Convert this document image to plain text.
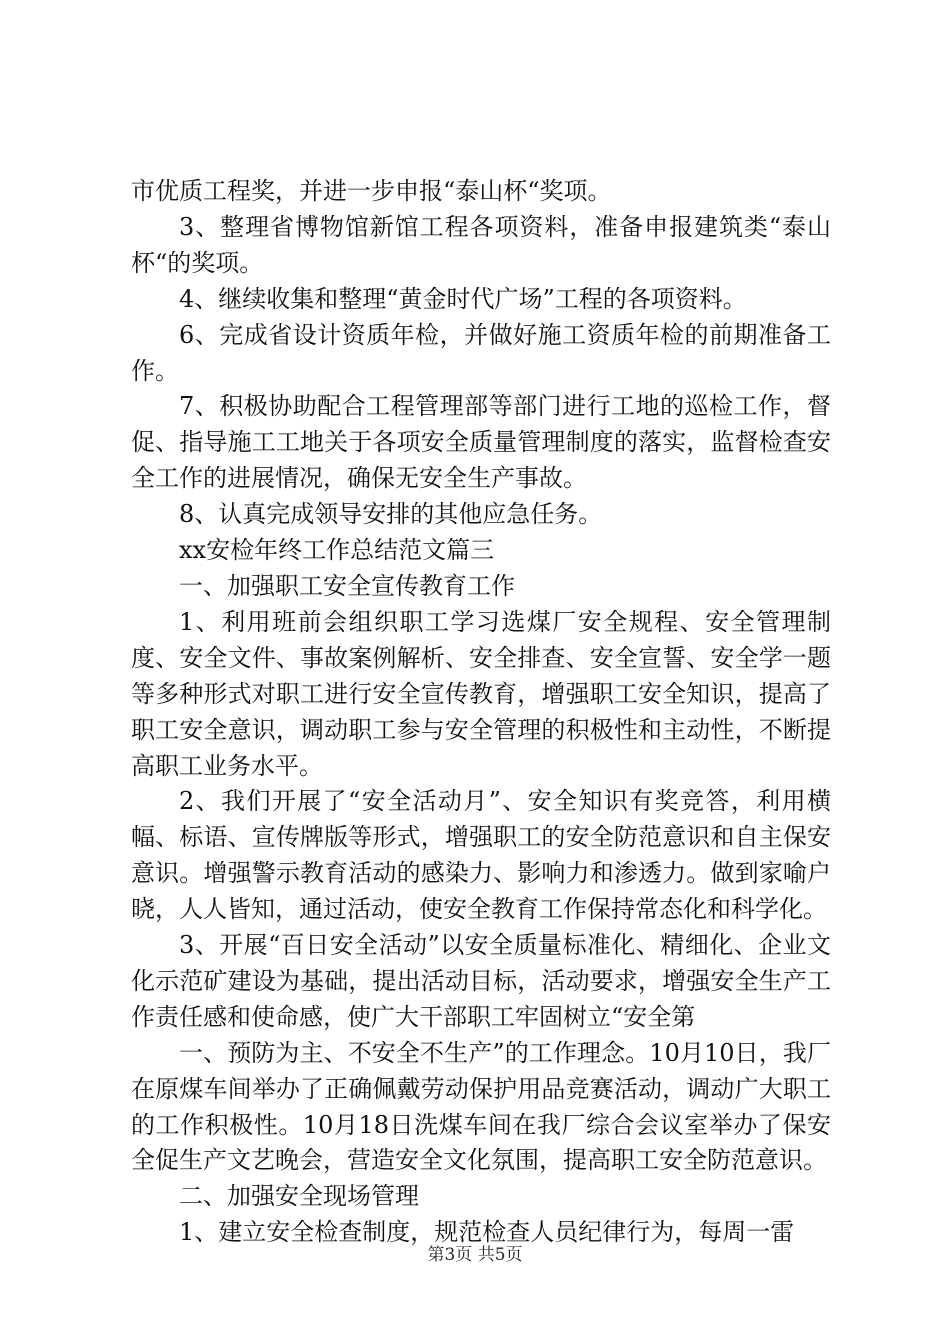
市优质工程奖，并进一步申报“泰山杯“奖项。

3、整理省博物馆新馆工程各项资料，准备申报建筑类“泰山杯“的奖项。

4、继续收集和整理“黄金时代广场”工程的各项资料。

6、完成省设计资质年检，并做好施工资质年检的前期准备工作。

7、积极协助配合工程管理部等部门进行工地的巡检工作，督促、指导施工工地关于各项安全质量管理制度的落实，监督检查安全工作的进展情况，确保无安全生产事故。

8、认真完成领导安排的其他应急任务。

xx安检年终工作总结范文篇三

一、加强职工安全宣传教育工作

1、利用班前会组织职工学习选煤厂安全规程、安全管理制度、安全文件、事故案例解析、安全排查、安全宣誓、安全学一题等多种形式对职工进行安全宣传教育，增强职工安全知识，提高了职工安全意识，调动职工参与安全管理的积极性和主动性，不断提高职工业务水平。

2、我们开展了“安全活动月”、安全知识有奖竞答，利用横幅、标语、宣传牌版等形式，增强职工的安全防范意识和自主保安意识。增强警示教育活动的感染力、影响力和渗透力。做到家喻户晓，人人皆知，通过活动，使安全教育工作保持常态化和科学化。

3、开展“百日安全活动”以安全质量标准化、精细化、企业文化示范矿建设为基础，提出活动目标，活动要求，增强安全生产工作责任感和使命感，使广大干部职工牢固树立“安全第

一、预防为主、不安全不生产”的工作理念。10月10日，我厂在原煤车间举办了正确佩戴劳动保护用品竞赛活动，调动广大职工的工作积极性。10月18日洗煤车间在我厂综合会议室举办了保安全促生产文艺晚会，营造安全文化氛围，提高职工安全防范意识。

二、加强安全现场管理

1、建立安全检查制度，规范检查人员纪律行为，每周一雷

第3页 共5页
